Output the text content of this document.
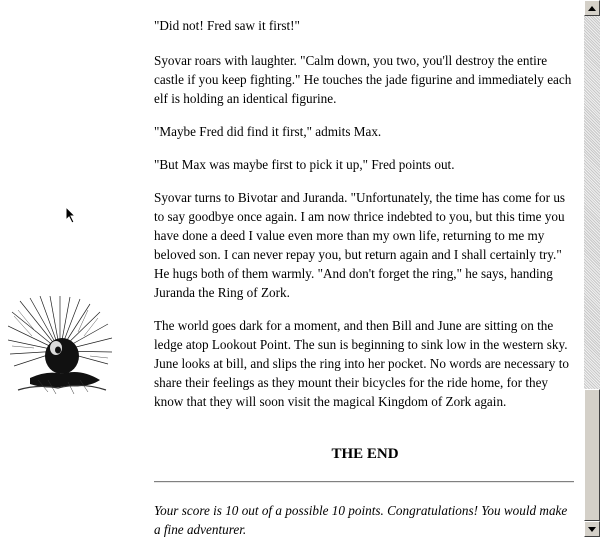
"Did not! Fred saw it first!"

Syovar roars with laughter. "Calm down, you two, you'll destroy the entire castle if you keep fighting." He touches the jade figurine and immediately each elf is holding an identical figurine.

"Maybe Fred did find it first," admits Max.

"But Max was maybe first to pick it up," Fred points out.

Syovar turns to Bivotar and Juranda. "Unfortunately, the time has come for us to say goodbye once again. I am now thrice indebted to you, but this time you have done a deed I value even more than my own life, returning to me my beloved son. I can never repay you, but return again and I shall certainly try." He hugs both of them warmly. "And don't forget the ring," he says, handing Juranda the Ring of Zork.

The world goes dark for a moment, and then Bill and June are sitting on the ledge atop Lookout Point. The sun is beginning to sink low in the western sky. June looks at bill, and slips the ring into her pocket. No words are necessary to share their feelings as they mount their bicycles for the ride home, for they know that they will soon visit the magical Kingdom of Zork again.

THE END

Your score is 10 out of a possible 10 points. Congratulations! You would make a fine adventurer.
